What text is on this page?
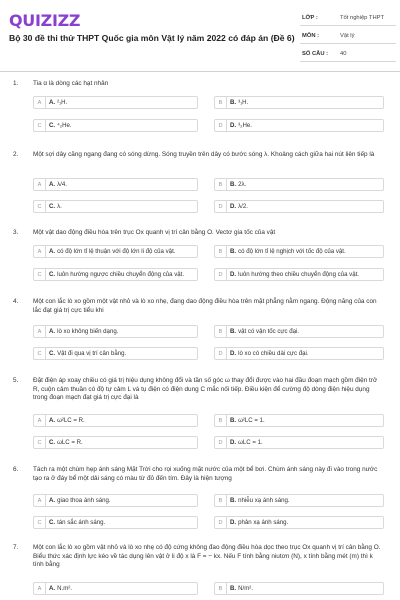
QUIZIZZ
Bộ 30 đề thi thử THPT Quốc gia môn Vật lý năm 2022 có đáp án (Đề 6)
LỚP :	Tốt nghiệp THPT
MÔN :	Vật lý
SỐ CÂU :	40
1. Tia α là dòng các hạt nhân
A	A. ²₁H.	B	B. ³₁H.
C	C. ⁴₂He.	D	D. ³₂He.
2. Một sợi dây căng ngang đang có sóng dừng. Sóng truyền trên dây có bước sóng λ. Khoảng cách giữa hai nút liên tiếp là
A	A. λ/4.	B	B. 2λ.
C	C. λ.	D	D. λ/2.
3. Một vật dao động điều hòa trên trục Ox quanh vị trí cân bằng O. Vectơ gia tốc của vật
A	A. có độ lớn tỉ lệ thuận với độ lớn li độ của vật.	B	B. có độ lớn tỉ lệ nghịch với tốc độ của vật.
C	C. luôn hướng ngược chiều chuyển động của vật.	D	D. luôn hướng theo chiều chuyển động của vật.
4. Một con lắc lò xo gồm một vật nhỏ và lò xo nhẹ, đang dao động điều hòa trên mặt phẳng nằm ngang. Động năng của con lắc đạt giá trị cực tiểu khi
A	A. lò xo không biến dạng.	B	B. vật có vận tốc cực đại.
C	C. Vật đi qua vị trí cân bằng.	D	D. lò xo có chiều dài cực đại.
5. Đặt điện áp xoay chiều có giá trị hiệu dụng không đổi và tần số góc ω thay đổi được vào hai đầu đoạn mạch gồm điện trở R, cuộn cảm thuần có độ tự cảm L và tụ điện có điện dung C mắc nối tiếp. Điều kiện để cường độ dòng điện hiệu dụng trong đoạn mạch đạt giá trị cực đại là
A	A. ω²LC = R.	B	B. ω²LC = 1.
C	C. ωLC = R.	D	D. ωLC = 1.
6. Tách ra một chùm hẹp ánh sáng Mặt Trời cho rọi xuống mặt nước của một bể bơi. Chùm ánh sáng này đi vào trong nước tạo ra ở đáy bể một dải sáng có màu từ đỏ đến tím. Đây là hiện tượng
A	A. giao thoa ánh sáng.	B	B. nhiễu xạ ánh sáng.
C	C. tán sắc ánh sáng.	D	D. phản xạ ánh sáng.
7. Một con lắc lò xo gồm vật nhỏ và lò xo nhẹ có độ cứng không đao động điều hòa dọc theo trục Ox quanh vị trí cân bằng O. Biểu thức xác định lực kéo về tác dụng lên vật ở li độ x là F = − kx. Nếu F tính bằng niutơn (N), x tính bằng mét (m) thì k tính bằng
A	A. N.m².	B	B. N/m².
